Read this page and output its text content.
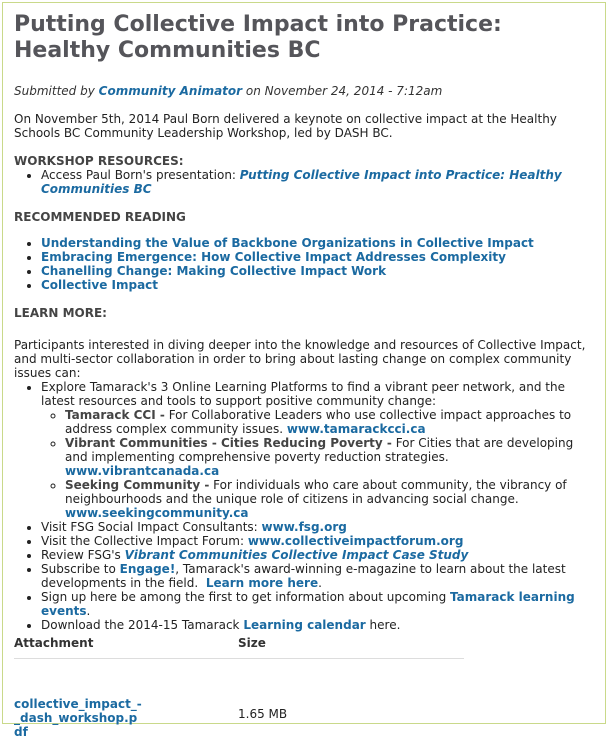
Putting Collective Impact into Practice: Healthy Communities BC
Submitted by Community Animator on November 24, 2014 - 7:12am

On November 5th, 2014 Paul Born delivered a keynote on collective impact at the Healthy Schools BC Community Leadership Workshop, led by DASH BC.

WORKSHOP RESOURCES:
• Access Paul Born's presentation: Putting Collective Impact into Practice: Healthy Communities BC
RECOMMENDED READING
• Understanding the Value of Backbone Organizations in Collective Impact
• Embracing Emergence: How Collective Impact Addresses Complexity
• Chanelling Change: Making Collective Impact Work
• Collective Impact
LEARN MORE:

Participants interested in diving deeper into the knowledge and resources of Collective Impact, and multi-sector collaboration in order to bring about lasting change on complex community issues can:

• Explore Tamarack's 3 Online Learning Platforms to find a vibrant peer network, and the latest resources and tools to support positive community change:
◦ Tamarack CCI - For Collaborative Leaders who use collective impact approaches to address complex community issues. www.tamarackcci.ca
◦ Vibrant Communities - Cities Reducing Poverty - For Cities that are developing and implementing comprehensive poverty reduction strategies. www.vibrantcanada.ca
◦ Seeking Community - For individuals who care about community, the vibrancy of neighbourhoods and the unique role of citizens in advancing social change. www.seekingcommunity.ca
• Visit FSG Social Impact Consultants: www.fsg.org
• Visit the Collective Impact Forum: www.collectiveimpactforum.org
• Review FSG's Vibrant Communities Collective Impact Case Study
• Subscribe to Engage!, Tamarack's award-winning e-magazine to learn about the latest developments in the field. Learn more here.
• Sign up here be among the first to get information about upcoming Tamarack learning events.
• Download the 2014-15 Tamarack Learning calendar here.
Attachment	Size
collective_impact_-_dash_workshop.pdf	1.65 MB
